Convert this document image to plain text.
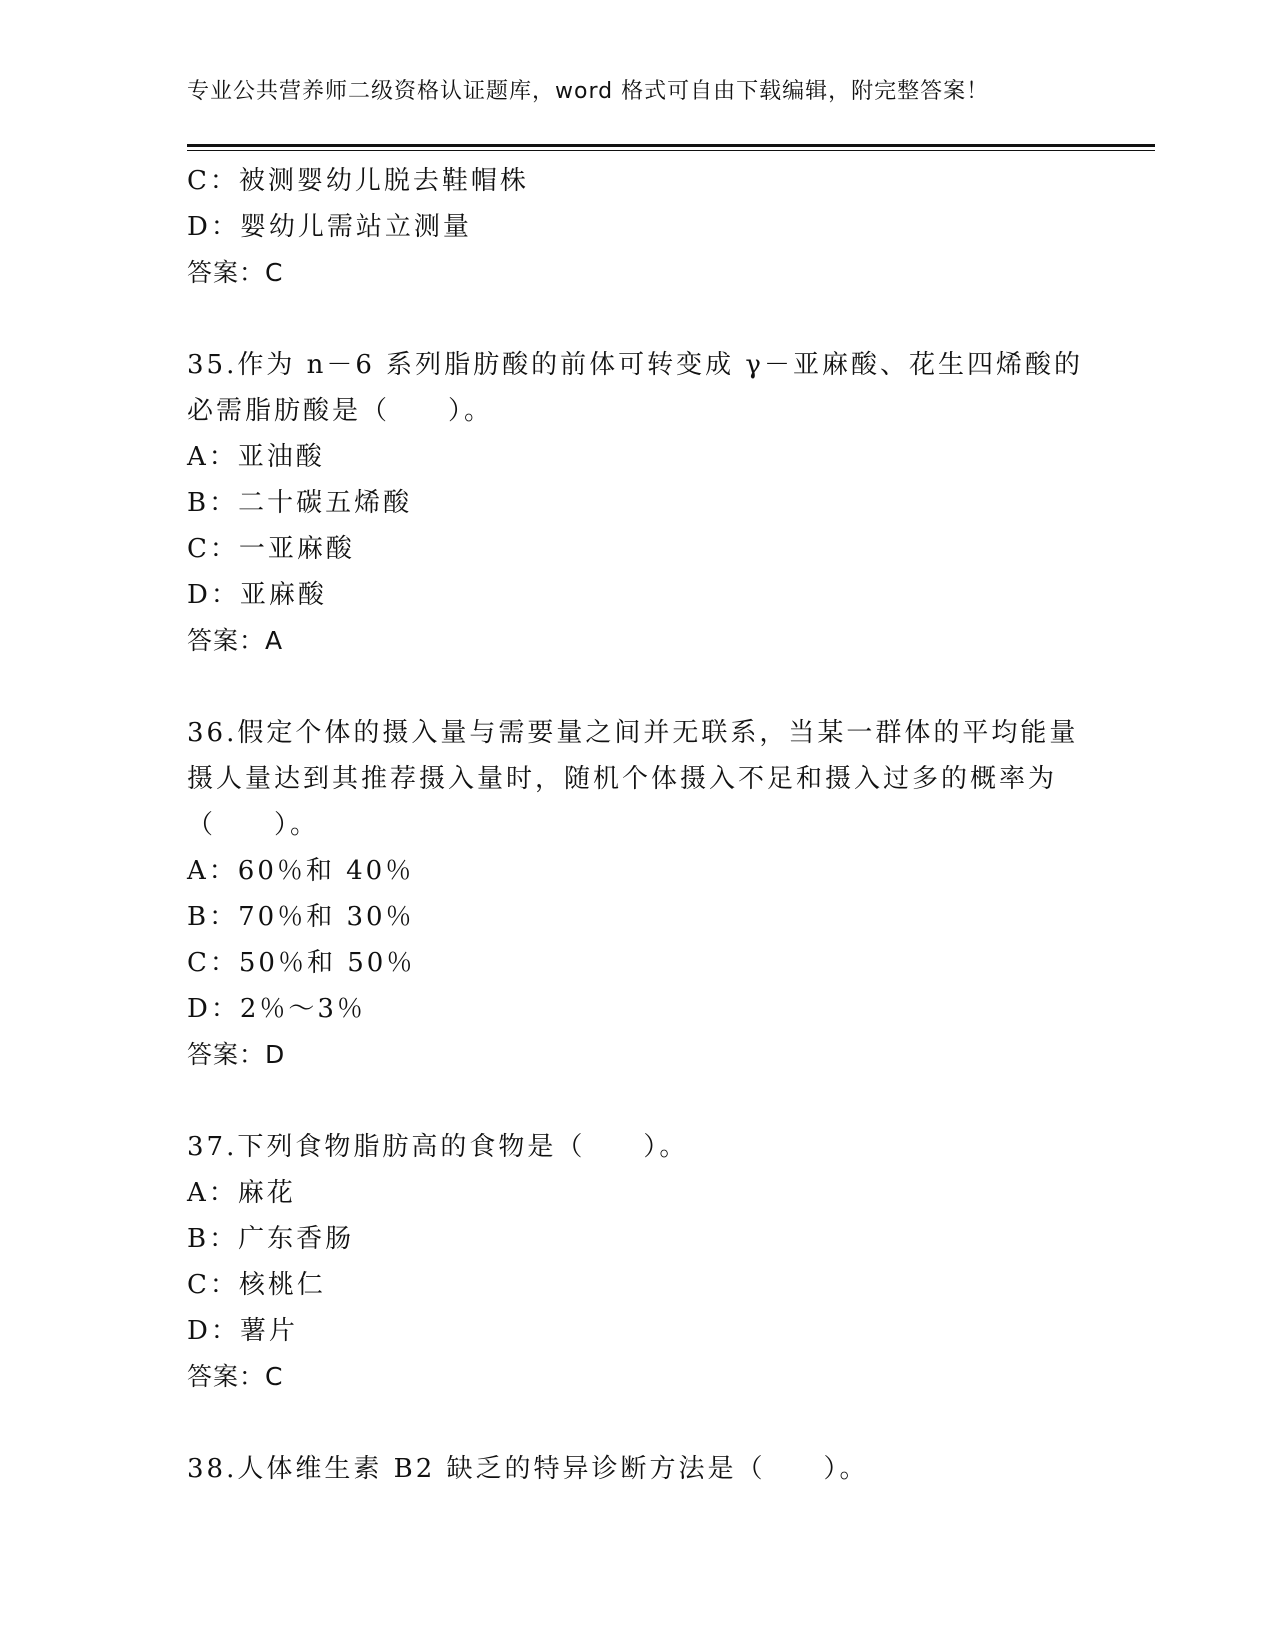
专业公共营养师二级资格认证题库，word 格式可自由下载编辑，附完整答案！
C：被测婴幼儿脱去鞋帽株
D：婴幼儿需站立测量
答案：C
35.作为 n－6 系列脂肪酸的前体可转变成 γ－亚麻酸、花生四烯酸的
必需脂肪酸是（　　）。
A：亚油酸
B：二十碳五烯酸
C：一亚麻酸
D：亚麻酸
答案：A
36.假定个体的摄入量与需要量之间并无联系，当某一群体的平均能量
摄人量达到其推荐摄入量时，随机个体摄入不足和摄入过多的概率为
（　　）。
A：60％和 40％
B：70％和 30％
C：50％和 50％
D：2％～3％
答案：D
37.下列食物脂肪高的食物是（　　）。
A：麻花
B：广东香肠
C：核桃仁
D：薯片
答案：C
38.人体维生素 B2 缺乏的特异诊断方法是（　　）。
